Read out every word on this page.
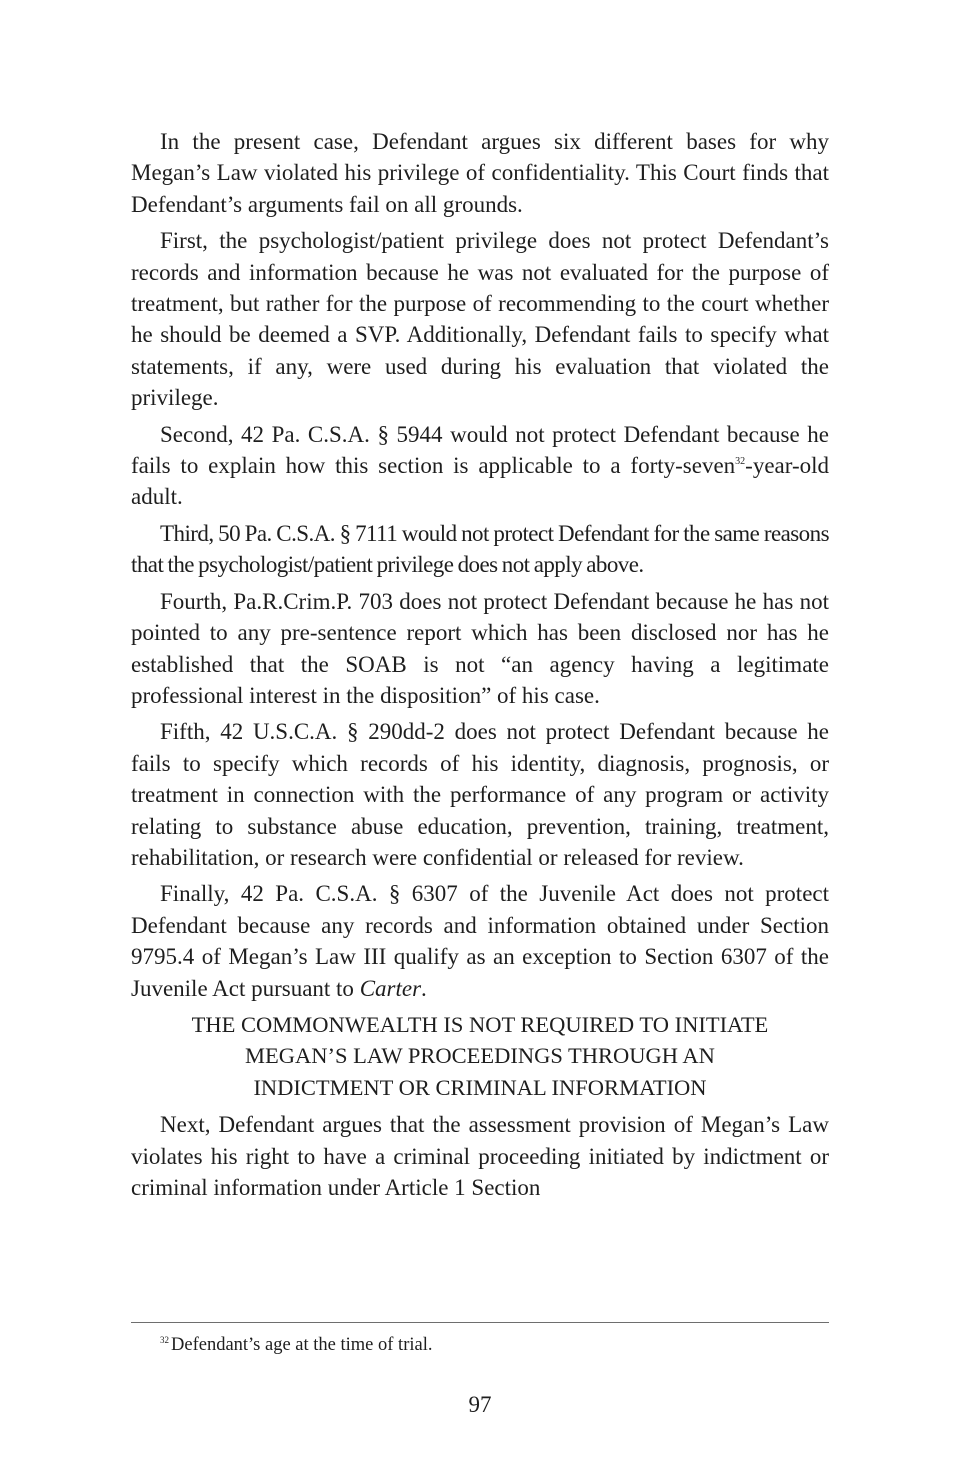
In the present case, Defendant argues six different bases for why Megan’s Law violated his privilege of confidentiality. This Court finds that Defendant’s arguments fail on all grounds.

First, the psychologist/patient privilege does not protect Defendant’s records and information because he was not evaluated for the purpose of treatment, but rather for the purpose of recommending to the court whether he should be deemed a SVP. Additionally, Defendant fails to specify what statements, if any, were used during his evaluation that violated the privilege.

Second, 42 Pa. C.S.A. § 5944 would not protect Defendant because he fails to explain how this section is applicable to a forty-seven$^{32}$-year-old adult.

Third, 50 Pa. C.S.A. § 7111 would not protect Defendant for the same reasons that the psychologist/patient privilege does not apply above.

Fourth, Pa.R.Crim.P. 703 does not protect Defendant because he has not pointed to any pre-sentence report which has been disclosed nor has he established that the SOAB is not “an agency having a legitimate professional interest in the disposition” of his case.

Fifth, 42 U.S.C.A. § 290dd-2 does not protect Defendant because he fails to specify which records of his identity, diagnosis, prognosis, or treatment in connection with the performance of any program or activity relating to substance abuse education, prevention, training, treatment, rehabilitation, or research were confidential or released for review.

Finally, 42 Pa. C.S.A. § 6307 of the Juvenile Act does not protect Defendant because any records and information obtained under Section 9795.4 of Megan’s Law III qualify as an exception to Section 6307 of the Juvenile Act pursuant to Carter.

THE COMMONWEALTH IS NOT REQUIRED TO INITIATE
MEGAN’S LAW PROCEEDINGS THROUGH AN
INDICTMENT OR CRIMINAL INFORMATION

Next, Defendant argues that the assessment provision of Megan’s Law violates his right to have a criminal proceeding initiated by indictment or criminal information under Article 1 Section

$^{32}$ Defendant’s age at the time of trial.
97
